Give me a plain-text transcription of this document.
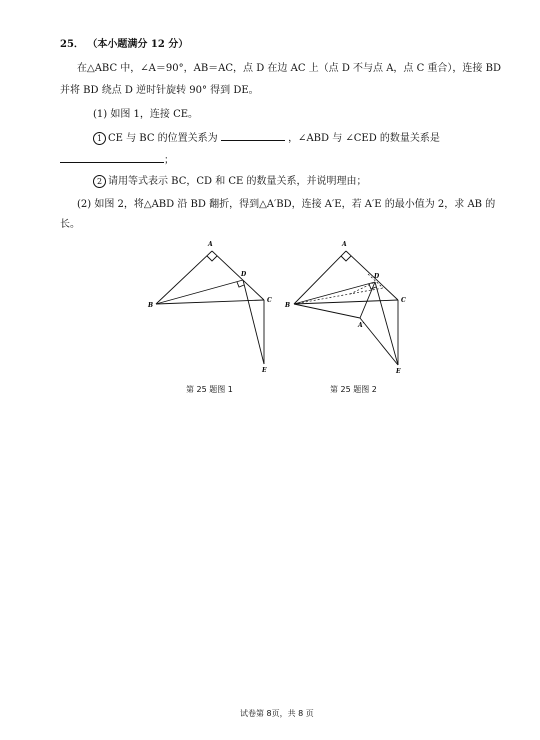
25． （本小题满分 12 分）
在△ABC 中，∠A＝90°，AB＝AC，点 D 在边 AC 上（点 D 不与点 A，点 C 重合），连接 BD
并将 BD 绕点 D 逆时针旋转 90° 得到 DE。
(1) 如图 1，连接 CE。
1 CE 与 BC 的位置关系为	，∠ABD 与 ∠CED 的数量关系是
；
2 请用等式表示 BC，CD 和 CE 的数量关系，并说明理由；
(2) 如图 2，将△ABD 沿 BD 翻折，得到△A′BD，连接 A′E，若 A′E 的最小值为 2，求 AB 的
长。
A
B
C
D
E
A
B
C
D
E
A′
第 25 题图 1	第 25 题图 2
试卷第 8页，共 8 页
